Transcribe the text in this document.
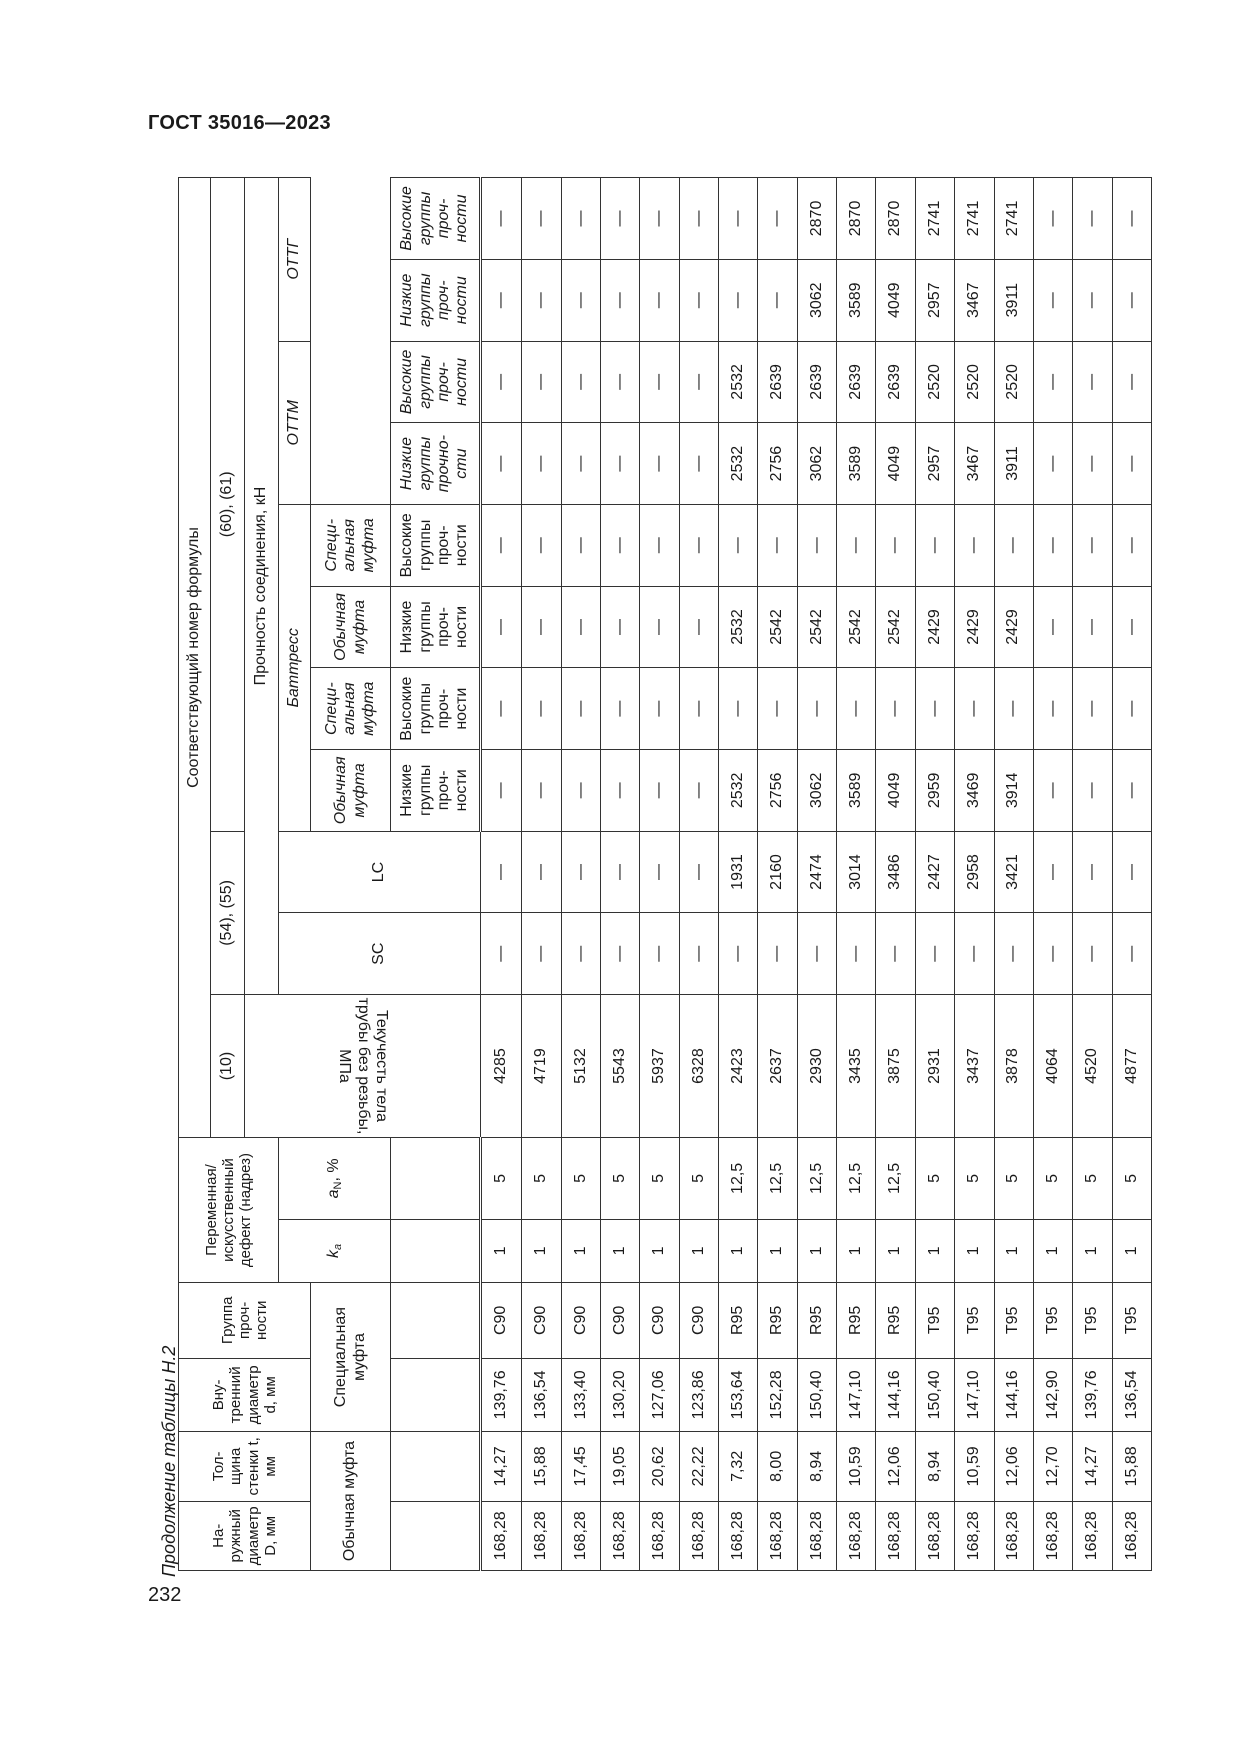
ГОСТ 35016—2023
232
Продолжение таблицы Н.2 На-ружный диаметр D, мм	Тол-щина стенки t, мм	Вну-тренний диаметр d, мм	Группа проч-ности	Переменная/искусственный дефект (надрез)		Соответствующий номер формулы										
						(10)	(54), (55)		(60), (61)							
						Текучесть тела трубы без резьбы, МПа	Прочность соединения, кН									
				$k_a$	$a_N$, %		SC	LC	Баттресс				ОТТМ		ОТТГ	
Обычная муфта		Специальная муфта							Обычная муфта	Специ-альная муфта	Обычная муфта	Специ-альная муфта				
									Низкие группы проч-ности	Высокие группы проч-ности	Низкие группы проч-ности	Высокие группы проч-ности	Низкие группы прочно-сти	Высокие группы проч-ности	Низкие группы проч-ности	Высокие группы проч-ности
168,28	14,27	139,76	C90	1	5	4285	—	—	—	—	—	—	—	—	—	—
168,28	15,88	136,54	C90	1	5	4719	—	—	—	—	—	—	—	—	—	—
168,28	17,45	133,40	C90	1	5	5132	—	—	—	—	—	—	—	—	—	—
168,28	19,05	130,20	C90	1	5	5543	—	—	—	—	—	—	—	—	—	—
168,28	20,62	127,06	C90	1	5	5937	—	—	—	—	—	—	—	—	—	—
168,28	22,22	123,86	C90	1	5	6328	—	—	—	—	—	—	—	—	—	—
168,28	7,32	153,64	R95	1	12,5	2423	—	1931	2532	—	2532	—	2532	2532	—	—
168,28	8,00	152,28	R95	1	12,5	2637	—	2160	2756	—	2542	—	2756	2639	—	—
168,28	8,94	150,40	R95	1	12,5	2930	—	2474	3062	—	2542	—	3062	2639	3062	2870
168,28	10,59	147,10	R95	1	12,5	3435	—	3014	3589	—	2542	—	3589	2639	3589	2870
168,28	12,06	144,16	R95	1	12,5	3875	—	3486	4049	—	2542	—	4049	2639	4049	2870
168,28	8,94	150,40	T95	1	5	2931	—	2427	2959	—	2429	—	2957	2520	2957	2741
168,28	10,59	147,10	T95	1	5	3437	—	2958	3469	—	2429	—	3467	2520	3467	2741
168,28	12,06	144,16	T95	1	5	3878	—	3421	3914	—	2429	—	3911	2520	3911	2741
168,28	12,70	142,90	T95	1	5	4064	—	—	—	—	—	—	—	—	—	—
168,28	14,27	139,76	T95	1	5	4520	—	—	—	—	—	—	—	—	—	—
168,28	15,88	136,54	T95	1	5	4877	—	—	—	—	—	—	—	—	—	—
